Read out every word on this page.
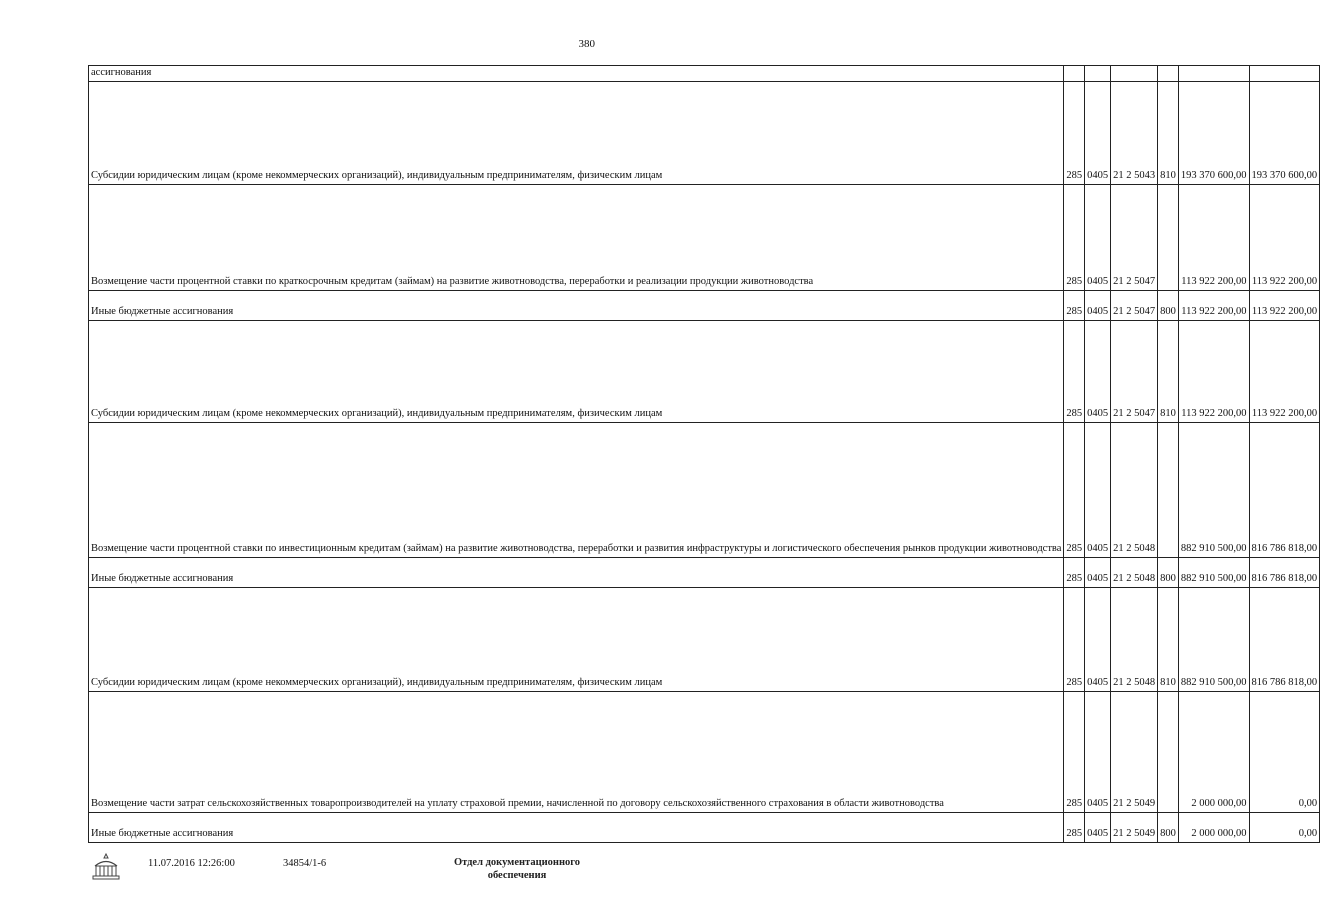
380
ассигнования						
Субсидии юридическим лицам (кроме некоммерческих организаций), индивидуальным предпринимателям, физическим лицам	285	0405	21 2 5043	810	193 370 600,00	193 370 600,00
Возмещение части процентной ставки по краткосрочным кредитам (займам) на развитие животноводства, переработки и реализации продукции животноводства	285	0405	21 2 5047		113 922 200,00	113 922 200,00
Иные бюджетные ассигнования	285	0405	21 2 5047	800	113 922 200,00	113 922 200,00
Субсидии юридическим лицам (кроме некоммерческих организаций), индивидуальным предпринимателям, физическим лицам	285	0405	21 2 5047	810	113 922 200,00	113 922 200,00
Возмещение части процентной ставки по инвестиционным кредитам (займам) на развитие животноводства, переработки и развития инфраструктуры и логистического обеспечения рынков продукции животноводства	285	0405	21 2 5048		882 910 500,00	816 786 818,00
Иные бюджетные ассигнования	285	0405	21 2 5048	800	882 910 500,00	816 786 818,00
Субсидии юридическим лицам (кроме некоммерческих организаций), индивидуальным предпринимателям, физическим лицам	285	0405	21 2 5048	810	882 910 500,00	816 786 818,00
Возмещение части затрат сельскохозяйственных товаропроизводителей на уплату страховой премии, начисленной по договору сельскохозяйственного страхования в области животноводства	285	0405	21 2 5049		2 000 000,00	0,00
Иные бюджетные ассигнования	285	0405	21 2 5049	800	2 000 000,00	0,00
11.07.2016 12:26:00	34854/1-6	Отдел документационного
обеспечения
